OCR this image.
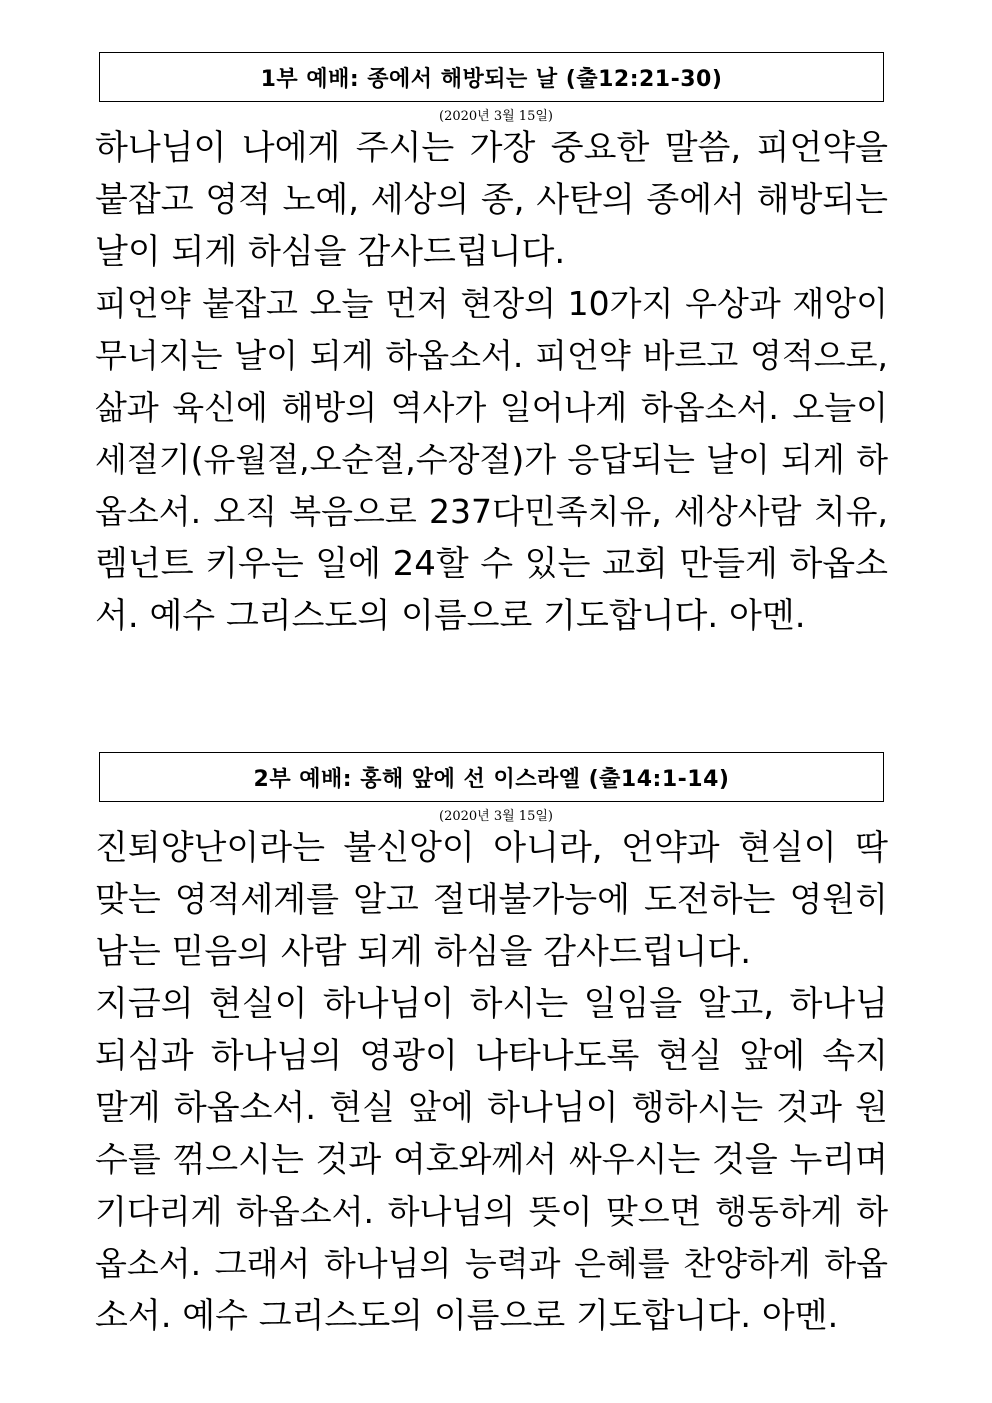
1부 예배: 종에서 해방되는 날 (출12:21-30)
(2020년 3월 15일)
하나님이 나에게 주시는 가장 중요한 말씀, 피언약을
붙잡고 영적 노예, 세상의 종, 사탄의 종에서 해방되는
날이 되게 하심을 감사드립니다.
피언약 붙잡고 오늘 먼저 현장의 10가지 우상과 재앙이
무너지는 날이 되게 하옵소서. 피언약 바르고 영적으로,
삶과 육신에 해방의 역사가 일어나게 하옵소서. 오늘이
세절기(유월절,오순절,수장절)가 응답되는 날이 되게 하
옵소서. 오직 복음으로 237다민족치유, 세상사람 치유,
렘넌트 키우는 일에 24할 수 있는 교회 만들게 하옵소
서. 예수 그리스도의 이름으로 기도합니다. 아멘.
2부 예배: 홍해 앞에 선 이스라엘 (출14:1-14)
(2020년 3월 15일)
진퇴양난이라는 불신앙이 아니라, 언약과 현실이 딱
맞는 영적세계를 알고 절대불가능에 도전하는 영원히
남는 믿음의 사람 되게 하심을 감사드립니다.
지금의 현실이 하나님이 하시는 일임을 알고, 하나님
되심과 하나님의 영광이 나타나도록 현실 앞에 속지
말게 하옵소서. 현실 앞에 하나님이 행하시는 것과 원
수를 꺾으시는 것과 여호와께서 싸우시는 것을 누리며
기다리게 하옵소서. 하나님의 뜻이 맞으면 행동하게 하
옵소서. 그래서 하나님의 능력과 은혜를 찬양하게 하옵
소서. 예수 그리스도의 이름으로 기도합니다. 아멘.
